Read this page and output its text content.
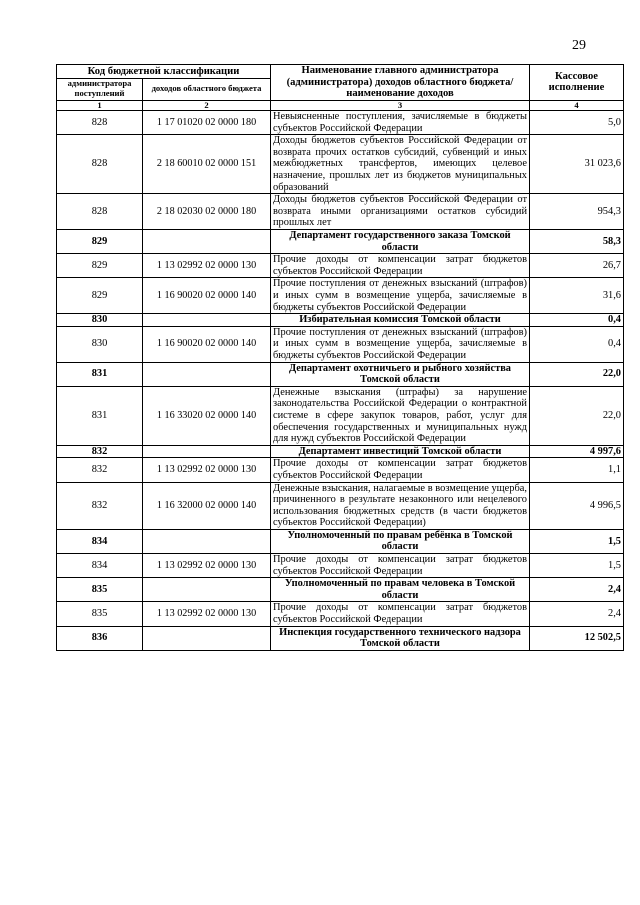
29
Код бюджетной классификации		Наименование главного администратора (администратора) доходов областного бюджета/ наименование доходов	Кассовое исполнение
администратора поступлений	доходов областного бюджета		
1	2	3	4
828	1 17 01020 02 0000 180	Невыясненные поступления, зачисляемые в бюджеты субъектов Российской Федерации	5,0
828	2 18 60010 02 0000 151	Доходы бюджетов субъектов Российской Федерации от возврата прочих остатков субсидий, субвенций и иных межбюджетных трансфертов, имеющих целевое назначение, прошлых лет из бюджетов муниципальных образований	31 023,6
828	2 18 02030 02 0000 180	Доходы бюджетов субъектов Российской Федерации от возврата иными организациями остатков субсидий прошлых лет	954,3
829		Департамент государственного заказа Томской области	58,3
829	1 13 02992 02 0000 130	Прочие доходы от компенсации затрат бюджетов субъектов Российской Федерации	26,7
829	1 16 90020 02 0000 140	Прочие поступления от денежных взысканий (штрафов) и иных сумм в возмещение ущерба, зачисляемые в бюджеты субъектов Российской Федерации	31,6
830		Избирательная комиссия Томской области	0,4
830	1 16 90020 02 0000 140	Прочие поступления от денежных взысканий (штрафов) и иных сумм в возмещение ущерба, зачисляемые в бюджеты субъектов Российской Федерации	0,4
831		Департамент охотничьего и рыбного хозяйства Томской области	22,0
831	1 16 33020 02 0000 140	Денежные взыскания (штрафы) за нарушение законодательства Российской Федерации о контрактной системе в сфере закупок товаров, работ, услуг для обеспечения государственных и муниципальных нужд для нужд субъектов Российской Федерации	22,0
832		Департамент инвестиций Томской области	4 997,6
832	1 13 02992 02 0000 130	Прочие доходы от компенсации затрат бюджетов субъектов Российской Федерации	1,1
832	1 16 32000 02 0000 140	Денежные взыскания, налагаемые в возмещение ущерба, причиненного в результате незаконного или нецелевого использования бюджетных средств (в части бюджетов субъектов Российской Федерации)	4 996,5
834		Уполномоченный по правам ребёнка в Томской области	1,5
834	1 13 02992 02 0000 130	Прочие доходы от компенсации затрат бюджетов субъектов Российской Федерации	1,5
835		Уполномоченный по правам человека в Томской области	2,4
835	1 13 02992 02 0000 130	Прочие доходы от компенсации затрат бюджетов субъектов Российской Федерации	2,4
836		Инспекция государственного технического надзора Томской области	12 502,5
